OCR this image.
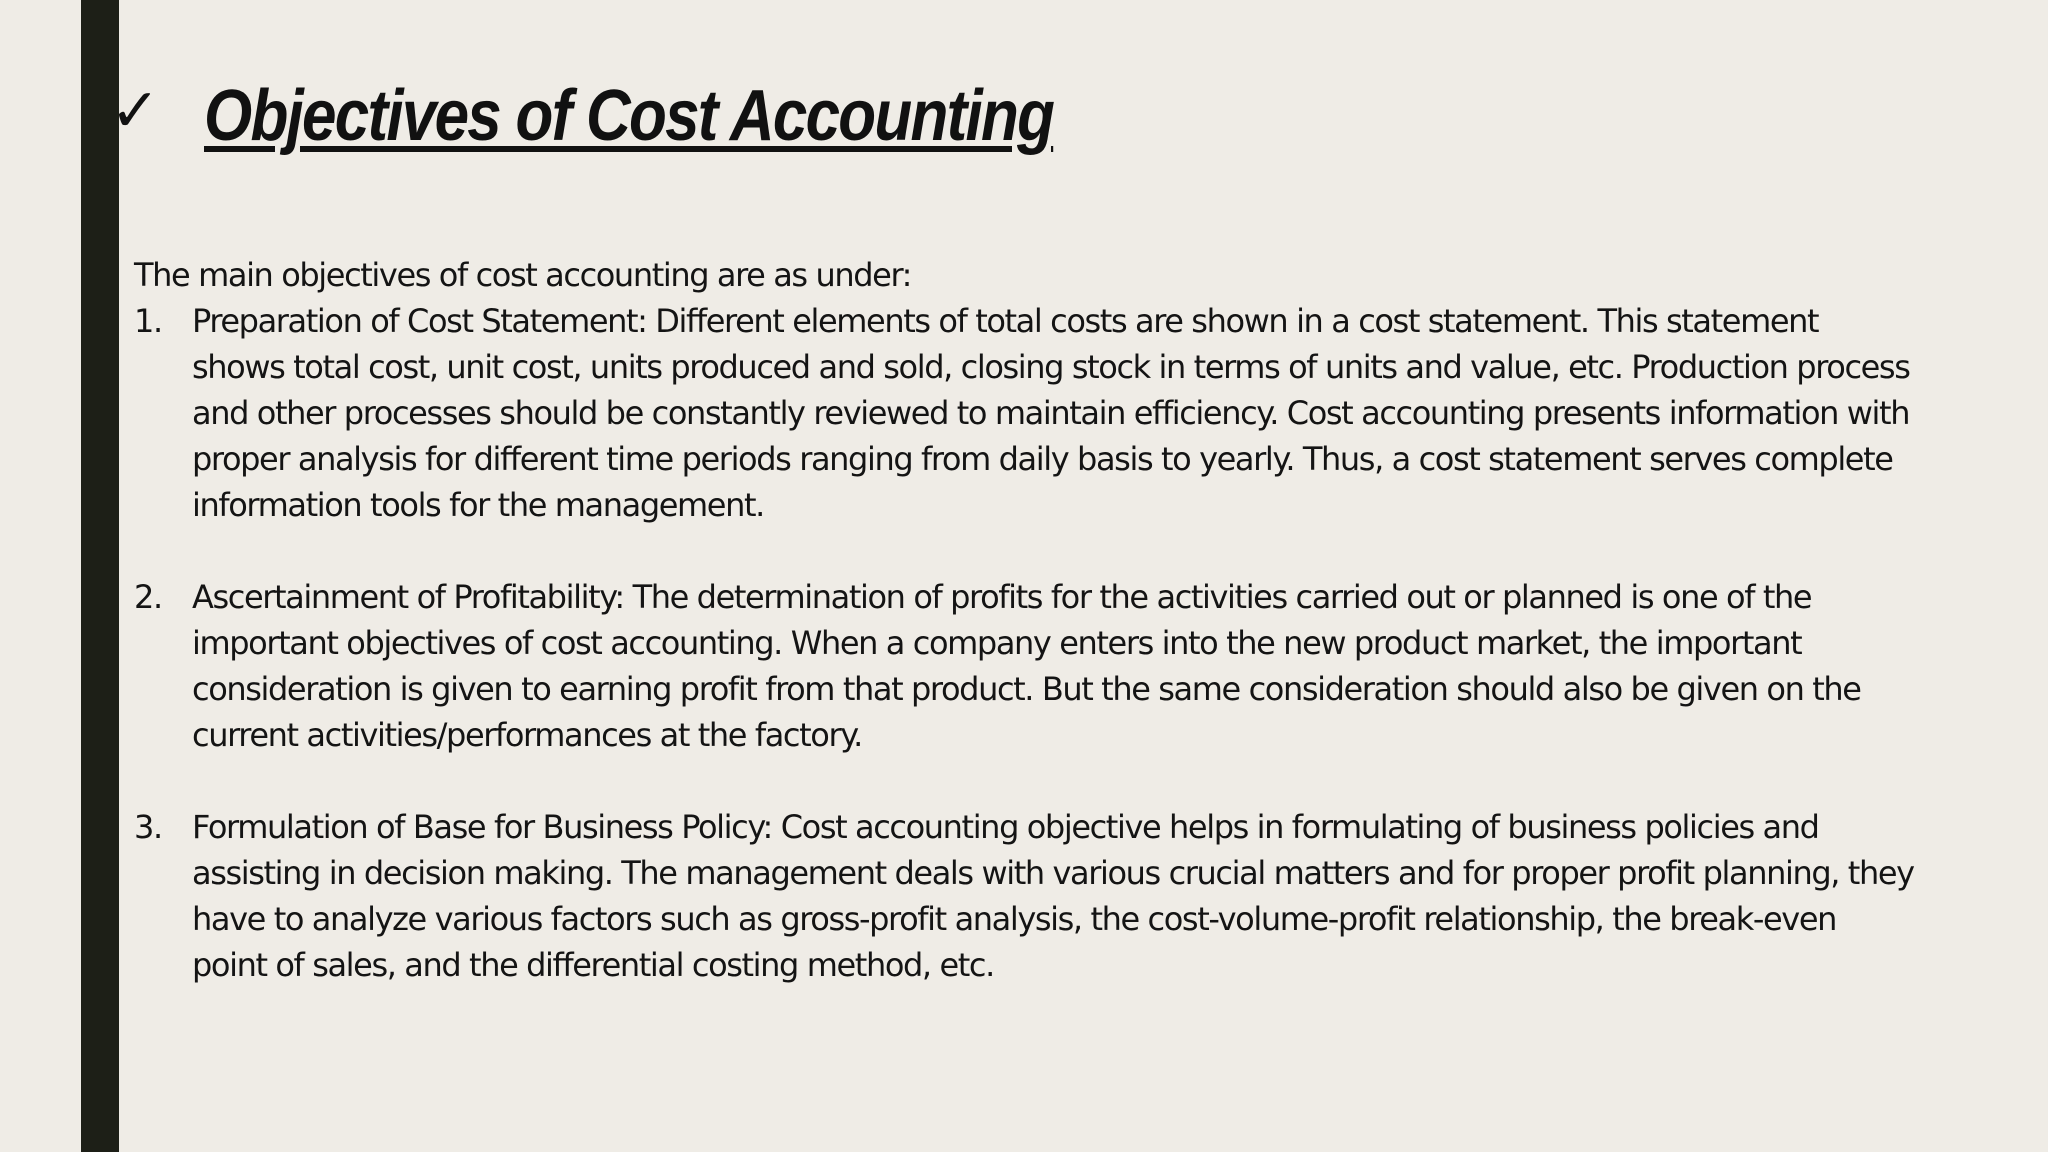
✓ Objectives of Cost Accounting

The main objectives of cost accounting are as under:

1. Preparation of Cost Statement: Different elements of total costs are shown in a cost statement. This statement shows total cost, unit cost, units produced and sold, closing stock in terms of units and value, etc. Production process and other processes should be constantly reviewed to maintain efficiency. Cost accounting presents information with proper analysis for different time periods ranging from daily basis to yearly. Thus, a cost statement serves complete information tools for the management.
2. Ascertainment of Profitability: The determination of profits for the activities carried out or planned is one of the important objectives of cost accounting. When a company enters into the new product market, the important consideration is given to earning profit from that product. But the same consideration should also be given on the current activities/performances at the factory.
3. Formulation of Base for Business Policy: Cost accounting objective helps in formulating of business policies and assisting in decision making. The management deals with various crucial matters and for proper profit planning, they have to analyze various factors such as gross-profit analysis, the cost-volume-profit relationship, the break-even point of sales, and the differential costing method, etc.
